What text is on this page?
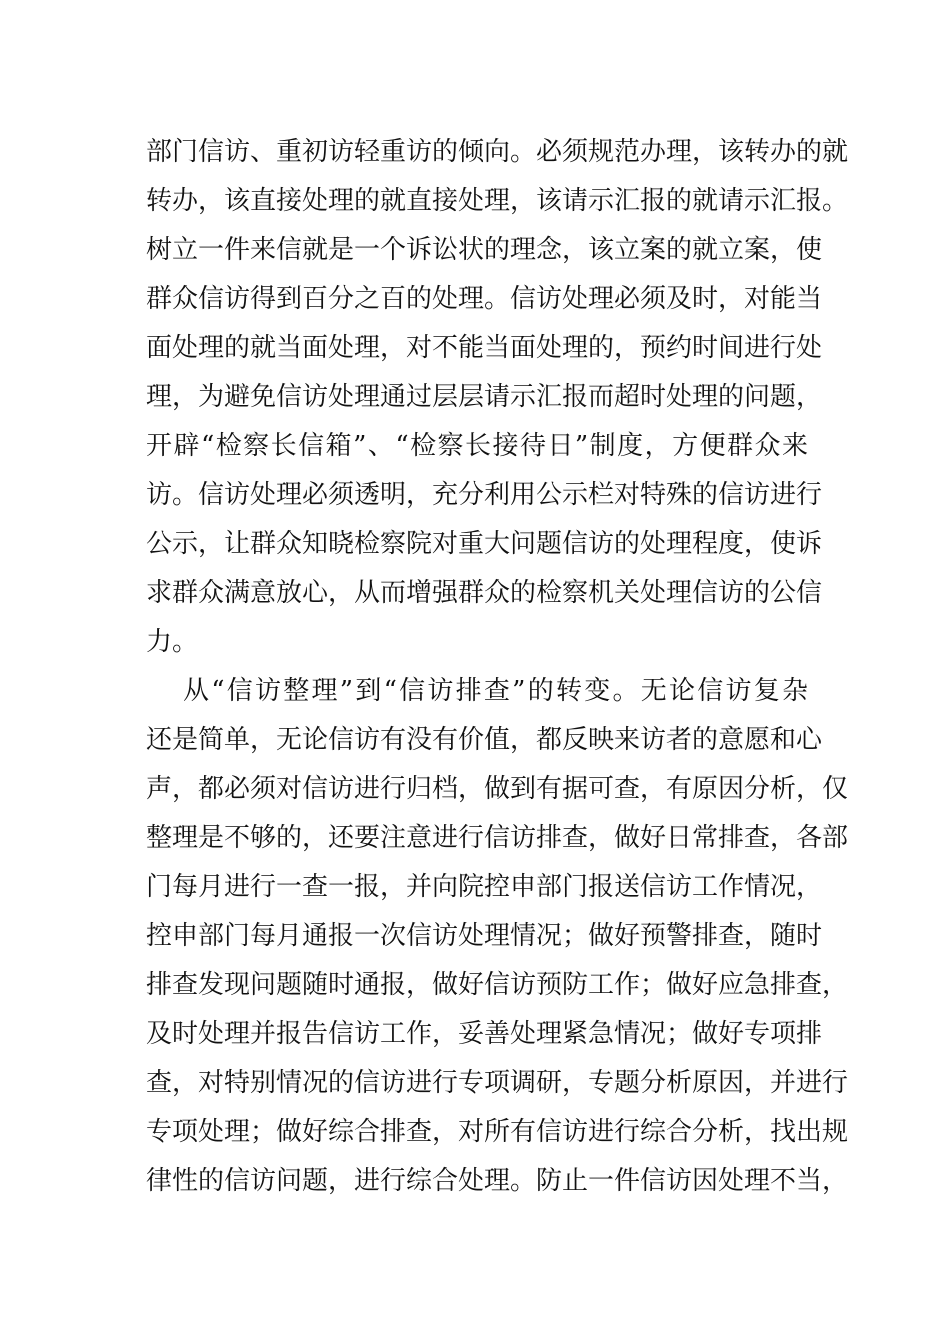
部门信访、重初访轻重访的倾向。必须规范办理，该转办的就
转办，该直接处理的就直接处理，该请示汇报的就请示汇报。
树立一件来信就是一个诉讼状的理念，该立案的就立案，使
群众信访得到百分之百的处理。信访处理必须及时，对能当
面处理的就当面处理，对不能当面处理的，预约时间进行处
理，为避免信访处理通过层层请示汇报而超时处理的问题，
开辟“检察长信箱”、“检察长接待日”制度，方便群众来
访。信访处理必须透明，充分利用公示栏对特殊的信访进行
公示，让群众知晓检察院对重大问题信访的处理程度，使诉
求群众满意放心，从而增强群众的检察机关处理信访的公信
力。
从“信访整理”到“信访排查”的转变。无论信访复杂
还是简单，无论信访有没有价值，都反映来访者的意愿和心
声，都必须对信访进行归档，做到有据可查，有原因分析，仅
整理是不够的，还要注意进行信访排查，做好日常排查，各部
门每月进行一查一报，并向院控申部门报送信访工作情况，
控申部门每月通报一次信访处理情况；做好预警排查，随时
排查发现问题随时通报，做好信访预防工作；做好应急排查，
及时处理并报告信访工作，妥善处理紧急情况；做好专项排
查，对特别情况的信访进行专项调研，专题分析原因，并进行
专项处理；做好综合排查，对所有信访进行综合分析，找出规
律性的信访问题，进行综合处理。防止一件信访因处理不当，
